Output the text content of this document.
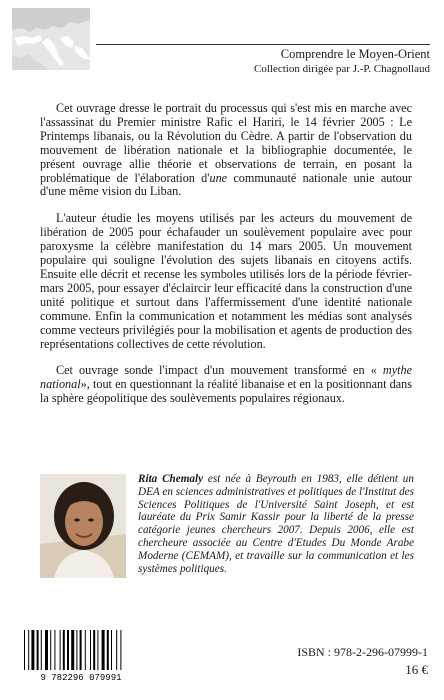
Comprendre le Moyen-Orient
Collection dirigée par J.-P. Chagnollaud

Cet ouvrage dresse le portrait du processus qui s'est mis en marche avec l'assassinat du Premier ministre Rafic el Hariri, le 14 février 2005 : Le Printemps libanais, ou la Révolution du Cèdre. A partir de l'observation du mouvement de libération nationale et la bibliographie documentée, le présent ouvrage allie théorie et observations de terrain, en posant la problématique de l'élaboration d'une communauté nationale unie autour d'une même vision du Liban.

L'auteur étudie les moyens utilisés par les acteurs du mouvement de libération de 2005 pour échafauder un soulèvement populaire avec pour paroxysme la célèbre manifestation du 14 mars 2005. Un mouvement populaire qui souligne l'évolution des sujets libanais en citoyens actifs. Ensuite elle décrit et recense les symboles utilisés lors de la période février-mars 2005, pour essayer d'éclaircir leur efficacité dans la construction d'une unité politique et surtout dans l'affermissement d'une identité nationale commune. Enfin la communication et notamment les médias sont analysés comme vecteurs privilégiés pour la mobilisation et agents de production des représentations collectives de cette révolution.

Cet ouvrage sonde l'impact d'un mouvement transformé en « mythe national», tout en questionnant la réalité libanaise et en la positionnant dans la sphère géopolitique des soulèvements populaires régionaux.

Rita Chemaly est née à Beyrouth en 1983, elle détient un DEA en sciences administratives et politiques de l'Institut des Sciences Politiques de l'Université Saint Joseph, et est lauréate du Prix Samir Kassir pour la liberté de la presse catégorie jeunes chercheurs 2007. Depuis 2006, elle est chercheure associée au Centre d'Etudes Du Monde Arabe Moderne (CEMAM), et travaille sur la communication et les systèmes politiques.
9 782296 079991
ISBN : 978-2-296-07999-1
16 €
